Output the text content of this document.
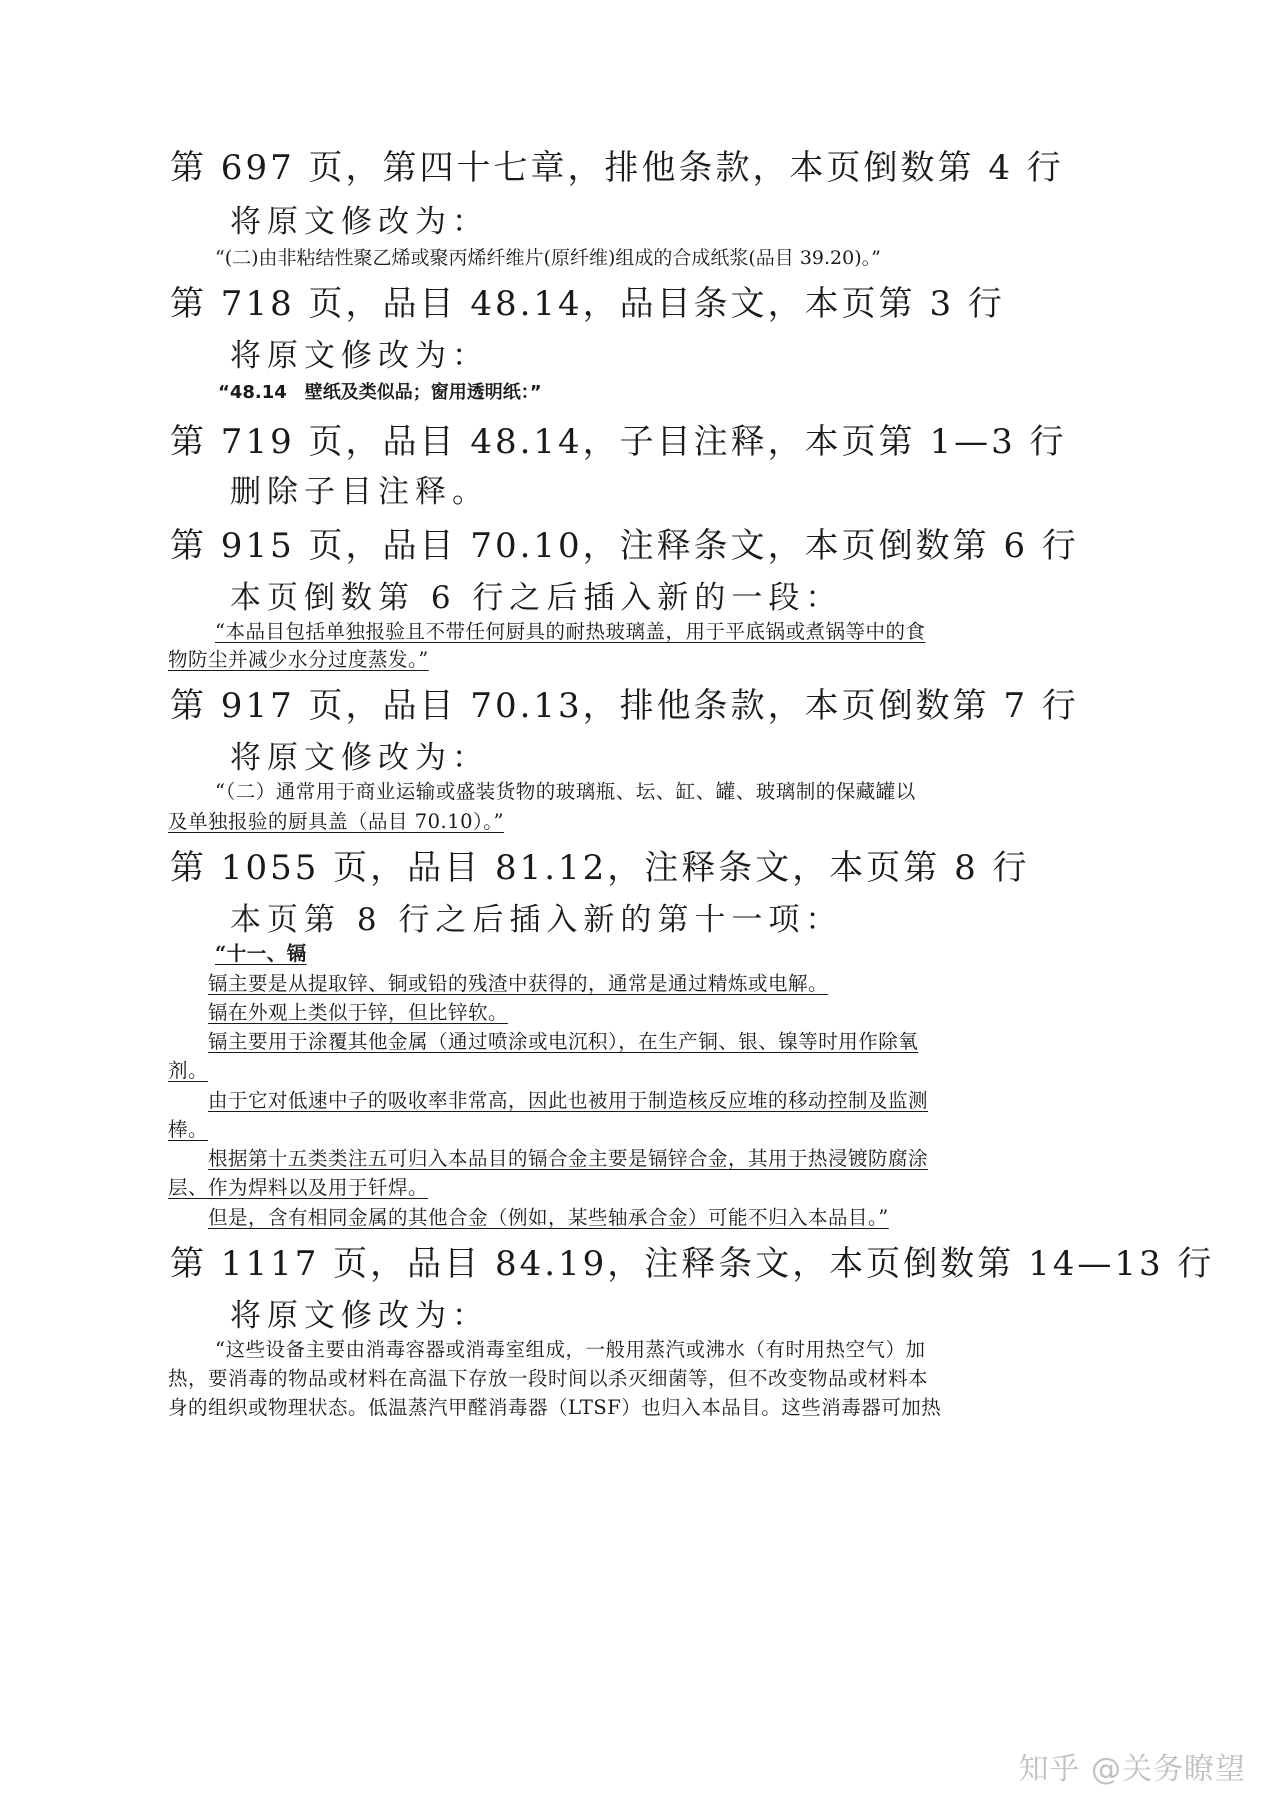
第 697 页，第四十七章，排他条款，本页倒数第 4 行
将原文修改为：
“(二)由非粘结性聚乙烯或聚丙烯纤维片(原纤维)组成的合成纸浆(品目 39.20)。”
第 718 页，品目 48.14，品目条文，本页第 3 行
将原文修改为：
“48.14　壁纸及类似品；窗用透明纸：”
第 719 页，品目 48.14，子目注释，本页第 1—3 行
删除子目注释。
第 915 页，品目 70.10，注释条文，本页倒数第 6 行
本页倒数第 6 行之后插入新的一段：
“本品目包括单独报验且不带任何厨具的耐热玻璃盖，用于平底锅或煮锅等中的食
物防尘并减少水分过度蒸发。”
第 917 页，品目 70.13，排他条款，本页倒数第 7 行
将原文修改为：
“（二）通常用于商业运输或盛装货物的玻璃瓶、坛、缸、罐、玻璃制的保藏罐以
及单独报验的厨具盖（品目 70.10）。”
第 1055 页，品目 81.12，注释条文，本页第 8 行
本页第 8 行之后插入新的第十一项：
“十一、镉
镉主要是从提取锌、铜或铅的残渣中获得的，通常是通过精炼或电解。
镉在外观上类似于锌，但比锌软。
镉主要用于涂覆其他金属（通过喷涂或电沉积），在生产铜、银、镍等时用作除氧
剂。
由于它对低速中子的吸收率非常高，因此也被用于制造核反应堆的移动控制及监测
棒。
根据第十五类类注五可归入本品目的镉合金主要是镉锌合金，其用于热浸镀防腐涂
层、作为焊料以及用于钎焊。
但是，含有相同金属的其他合金（例如，某些轴承合金）可能不归入本品目。”
第 1117 页，品目 84.19，注释条文，本页倒数第 14—13 行
将原文修改为：
“这些设备主要由消毒容器或消毒室组成，一般用蒸汽或沸水（有时用热空气）加
热，要消毒的物品或材料在高温下存放一段时间以杀灭细菌等，但不改变物品或材料本
身的组织或物理状态。低温蒸汽甲醛消毒器（LTSF）也归入本品目。这些消毒器可加热
知乎 @关务瞭望
